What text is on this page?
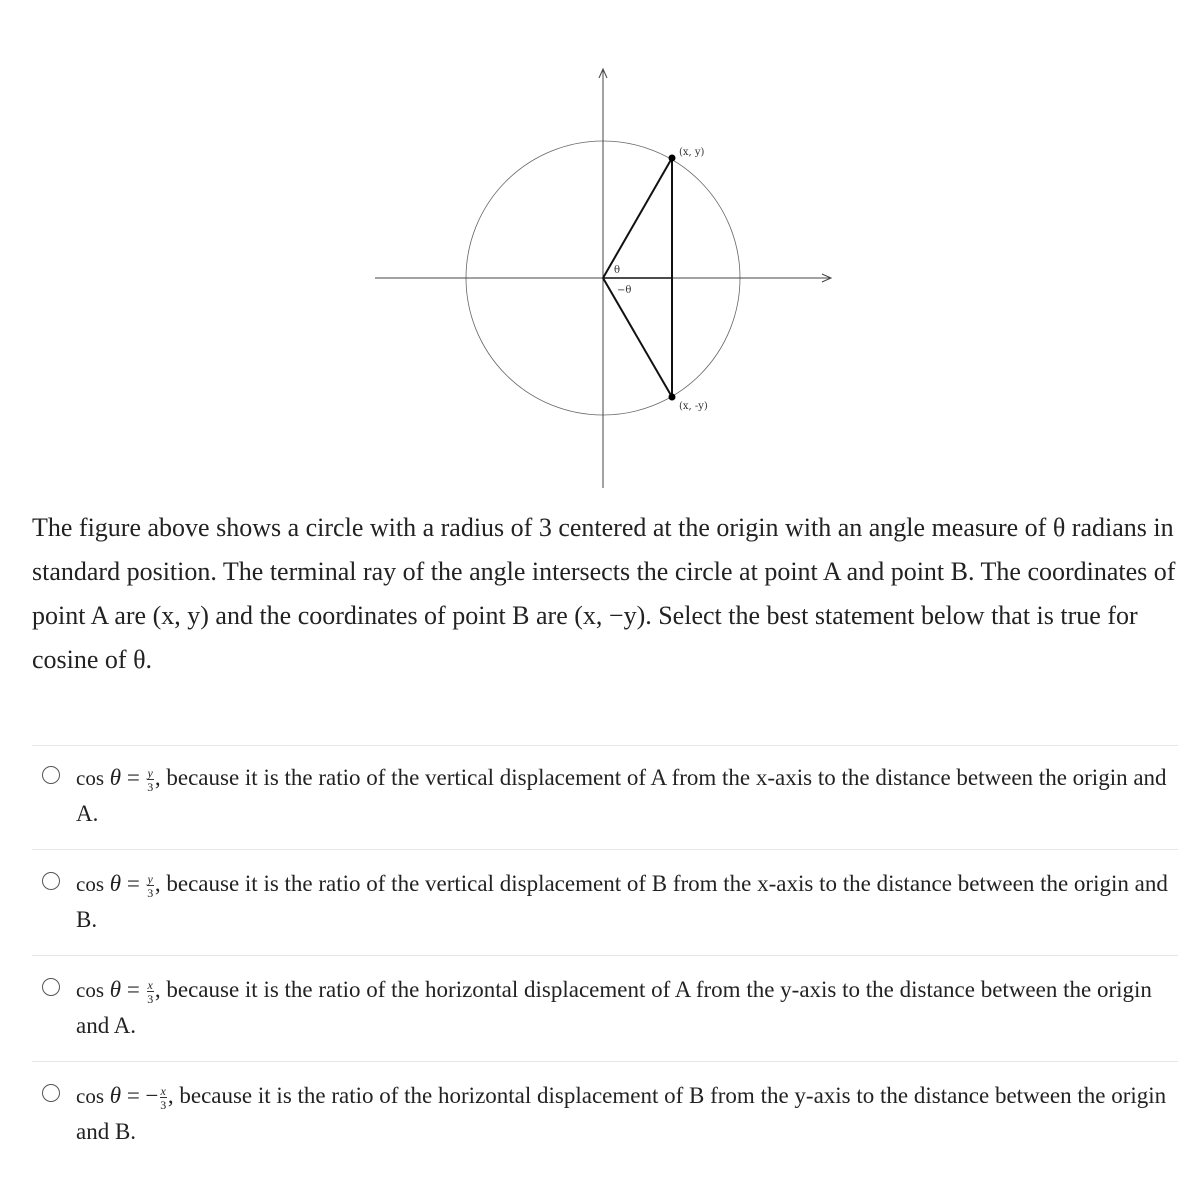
(x, y)
(x, -y)
θ
−θ
The figure above shows a circle with a radius of 3 centered at the origin with an angle measure of θ radians in standard position. The terminal ray of the angle intersects the circle at point A and point B. The coordinates of point A are (x, y) and the coordinates of point B are (x, −y). Select the best statement below that is true for cosine of θ.
$\cos \theta = \frac{y}{3}$ , because it is the ratio of the vertical displacement of A from the x-axis to the distance between the origin and A.
$\cos \theta = \frac{y}{3}$ , because it is the ratio of the vertical displacement of B from the x-axis to the distance between the origin and B.
$\cos \theta = \frac{x}{3}$ , because it is the ratio of the horizontal displacement of A from the y-axis to the distance between the origin and A.
cos θ = − $\frac{x}{3}$ , because it is the ratio of the horizontal displacement of B from the y-axis to the distance between the origin and B.
